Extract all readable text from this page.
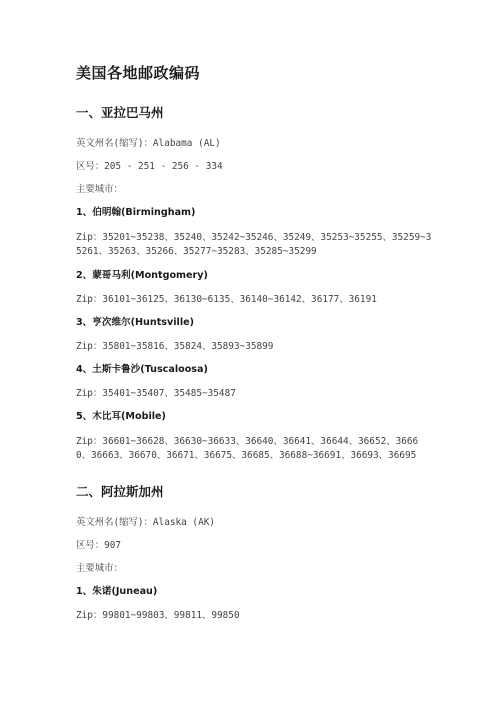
美国各地邮政编码
一、亚拉巴马州
英文州名(缩写)：Alabama (AL)
区号：205 - 251 - 256 - 334
主要城市：
1、伯明翰(Birmingham)
Zip：35201~35238、35240、35242~35246、35249、35253~35255、35259~35261、35263、35266、35277~35283、35285~35299
2、蒙哥马利(Montgomery)
Zip：36101~36125、36130~6135、36140~36142、36177、36191
3、亨次维尔(Huntsville)
Zip：35801~35816、35824、35893~35899
4、土斯卡鲁沙(Tuscaloosa)
Zip：35401~35407、35485~35487
5、木比耳(Mobile)
Zip：36601~36628、36630~36633、36640、36641、36644、36652、36660、36663、36670、36671、36675、36685、36688~36691、36693、36695
二、阿拉斯加州
英文州名(缩写)：Alaska (AK)
区号：907
主要城市：
1、朱诺(Juneau)
Zip：99801~99803、99811、99850
